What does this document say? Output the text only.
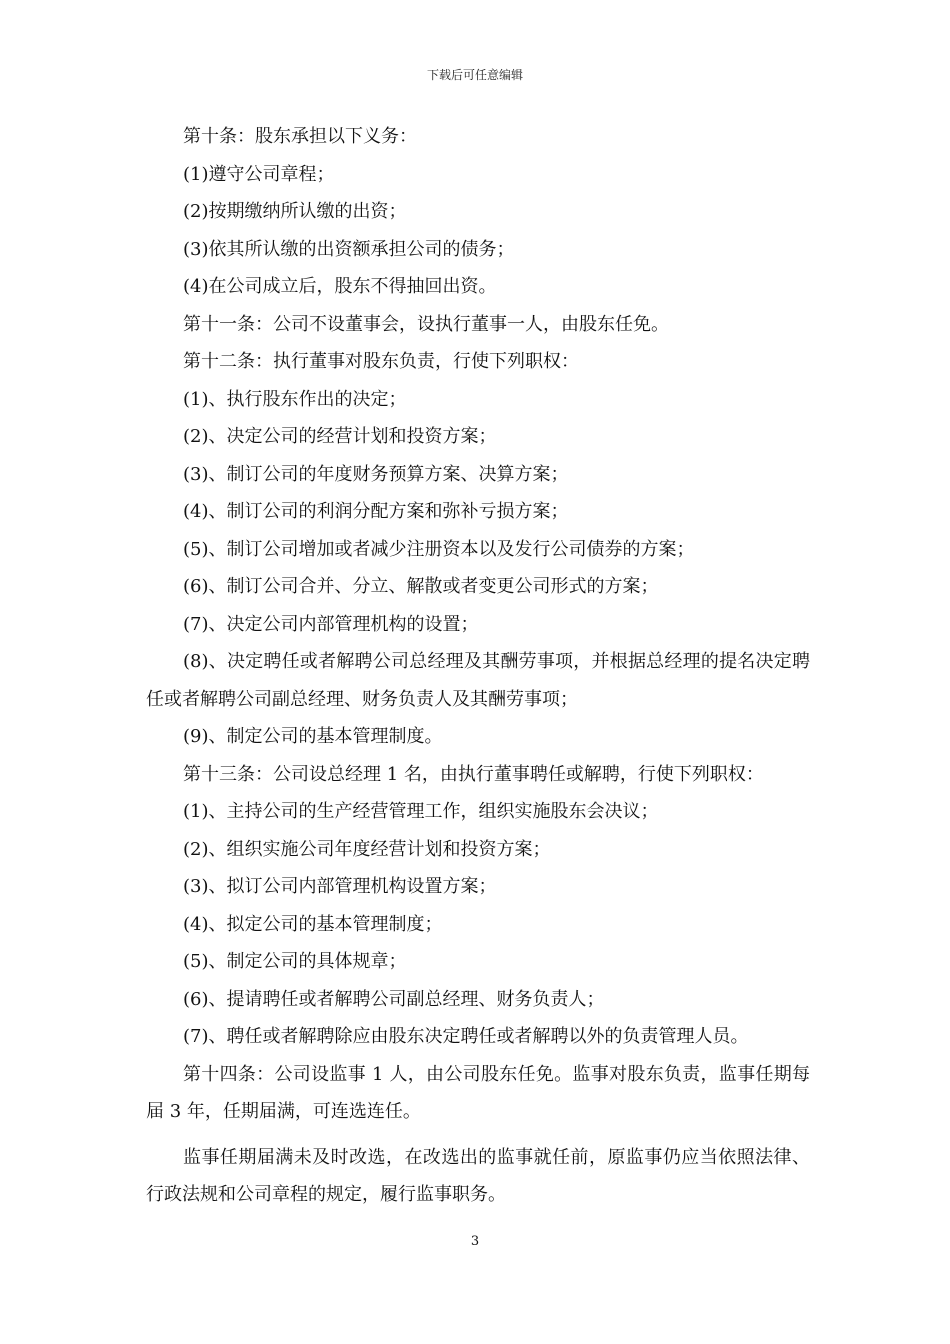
下载后可任意编辑

第十条：股东承担以下义务：

(1)遵守公司章程；

(2)按期缴纳所认缴的出资；

(3)依其所认缴的出资额承担公司的债务；

(4)在公司成立后，股东不得抽回出资。

第十一条：公司不设董事会，设执行董事一人，由股东任免。

第十二条：执行董事对股东负责，行使下列职权：

(1)、执行股东作出的决定；

(2)、决定公司的经营计划和投资方案；

(3)、制订公司的年度财务预算方案、决算方案；

(4)、制订公司的利润分配方案和弥补亏损方案；

(5)、制订公司增加或者减少注册资本以及发行公司债券的方案；

(6)、制订公司合并、分立、解散或者变更公司形式的方案；

(7)、决定公司内部管理机构的设置；

(8)、决定聘任或者解聘公司总经理及其酬劳事项，并根据总经理的提名决定聘任或者解聘公司副总经理、财务负责人及其酬劳事项；

(9)、制定公司的基本管理制度。

第十三条：公司设总经理 1 名，由执行董事聘任或解聘，行使下列职权：

(1)、主持公司的生产经营管理工作，组织实施股东会决议；

(2)、组织实施公司年度经营计划和投资方案；

(3)、拟订公司内部管理机构设置方案；

(4)、拟定公司的基本管理制度；

(5)、制定公司的具体规章；

(6)、提请聘任或者解聘公司副总经理、财务负责人；

(7)、聘任或者解聘除应由股东决定聘任或者解聘以外的负责管理人员。

第十四条：公司设监事 1 人，由公司股东任免。监事对股东负责，监事任期每届 3 年，任期届满，可连选连任。

监事任期届满未及时改选，在改选出的监事就任前，原监事仍应当依照法律、行政法规和公司章程的规定，履行监事职务。

3
